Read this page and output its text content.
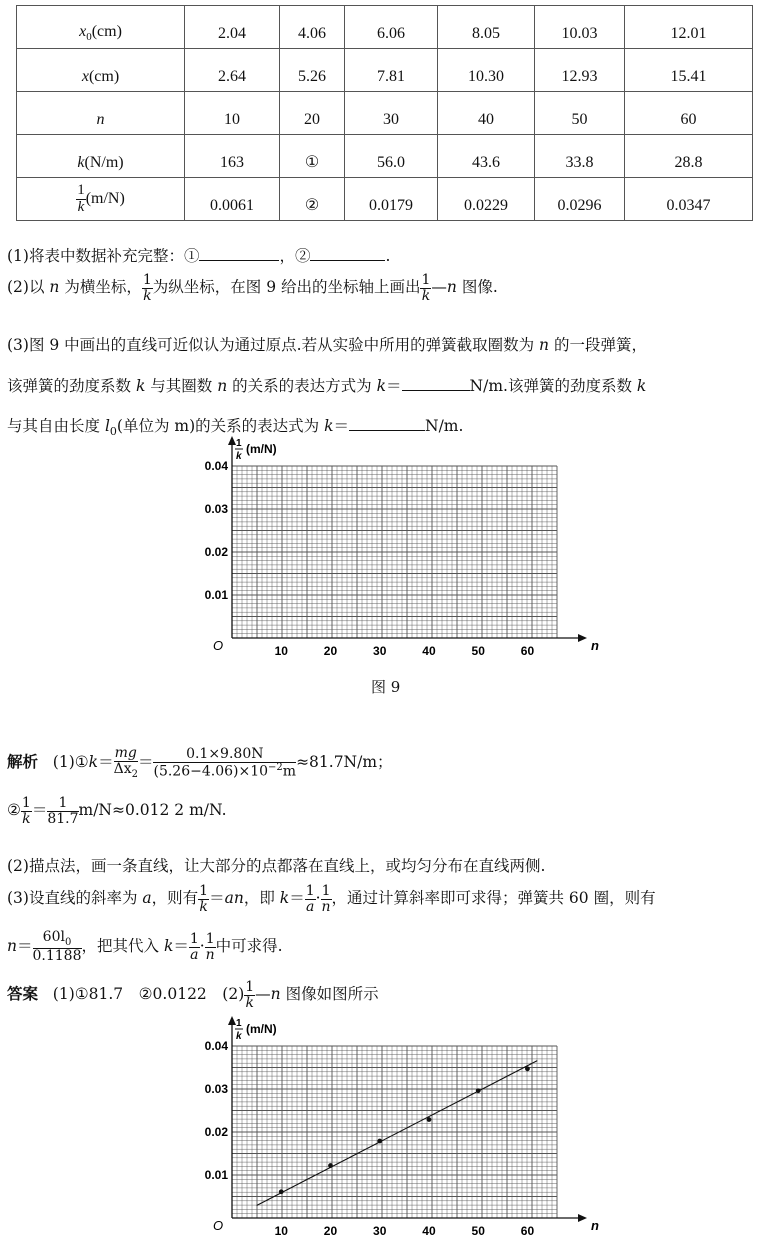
$x_0(cm)$	2.04	4.06	6.06	8.05	10.03	12.01
x(cm)	2.64	5.26	7.81	10.30	12.93	15.41
n	10	20	30	40	50	60
k(N/m)	163	①	56.0	43.6	33.8	28.8

$\frac{1}{k} (m/N)$	0.0061	②	0.0179	0.0229	0.0296	0.0347
(1)将表中数据补充完整：①	，②	.
(2)以 n 为横坐标， $\frac{1}{k}$ 为纵坐标，在图 9 给出的坐标轴上画出 $\frac{1}{k}$ —n 图像.
(3)图 9 中画出的直线可近似认为通过原点.若从实验中所用的弹簧截取圈数为 n 的一段弹簧，
该弹簧的劲度系数 k 与其圈数 n 的关系的表达方式为 k＝	N/m.该弹簧的劲度系数 k
与其自由长度 $l_0$(单位为 m)的关系的表达式为 k＝	N/m.
10	20	30	40	50	60
0.01
0.02
0.03
0.04
O	n
1
k
(m/N)
图 9
解析 (1)①k＝ $\frac{mg}{\Delta x_2} = \frac{0.1\times 9.80N}{(5.26-4.06)\times 10^{-2}m} \approx 81.7N/m$；
② $\frac{1}{k} = \frac{1}{81.7} m/N\approx 0.012$ 2 m/N.
(2)描点法，画一条直线，让大部分的点都落在直线上，或均匀分布在直线两侧.
(3)设直线的斜率为 a，则有 $\frac{1}{k} =an$，即 $k= \frac{1}{a} \cdot \frac{1}{n}$ ，通过计算斜率即可求得；弹簧共 60 圈，则有
$n= \frac{60l_0}{0.1188}$ ，把其代入 $k= \frac{1}{a} \cdot \frac{1}{n}$ 中可求得.
答案 (1)①81.7　②0.0122　$(2) \frac{1}{k}$ —n 图像如图所示
10	20	30	40	50	60
0.01
0.02
0.03
0.04
O	n
1
k
(m/N)
